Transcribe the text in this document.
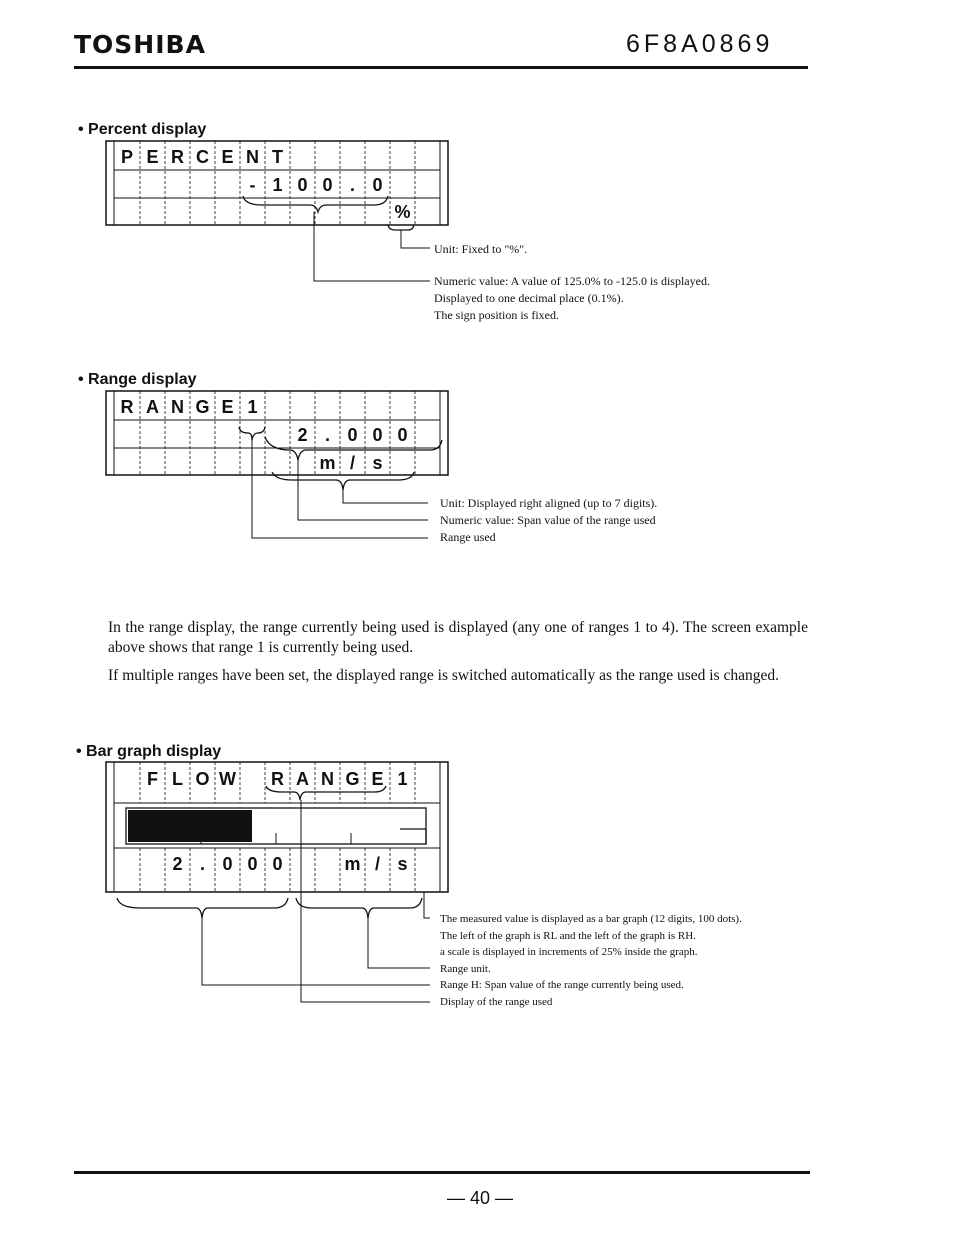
TOSHIBA	6F8A0869
• Percent display
P E R C E N T
- 1 0 0 . 0
%
R A N G E 1
2 . 0 0 0
m / s
F L O W R A N G E 1
2 . 0 0 0	m / s
Unit: Fixed to "%".
Numeric value: A value of 125.0% to -125.0 is displayed.
Displayed to one decimal place (0.1%).
The sign position is fixed.
• Range display
Unit: Displayed right aligned (up to 7 digits).
Numeric value: Span value of the range used
Range used
In the range display, the range currently being used is displayed (any one of ranges 1 to 4). The screen example above shows that range 1 is currently being used.
If multiple ranges have been set, the displayed range is switched automatically as the range used is changed.
• Bar graph display
The measured value is displayed as a bar graph (12 digits, 100 dots).
The left of the graph is RL and the left of the graph is RH.
a scale is displayed in increments of 25% inside the graph.
Range unit.
Range H: Span value of the range currently being used.
Display of the range used
— 40 —
